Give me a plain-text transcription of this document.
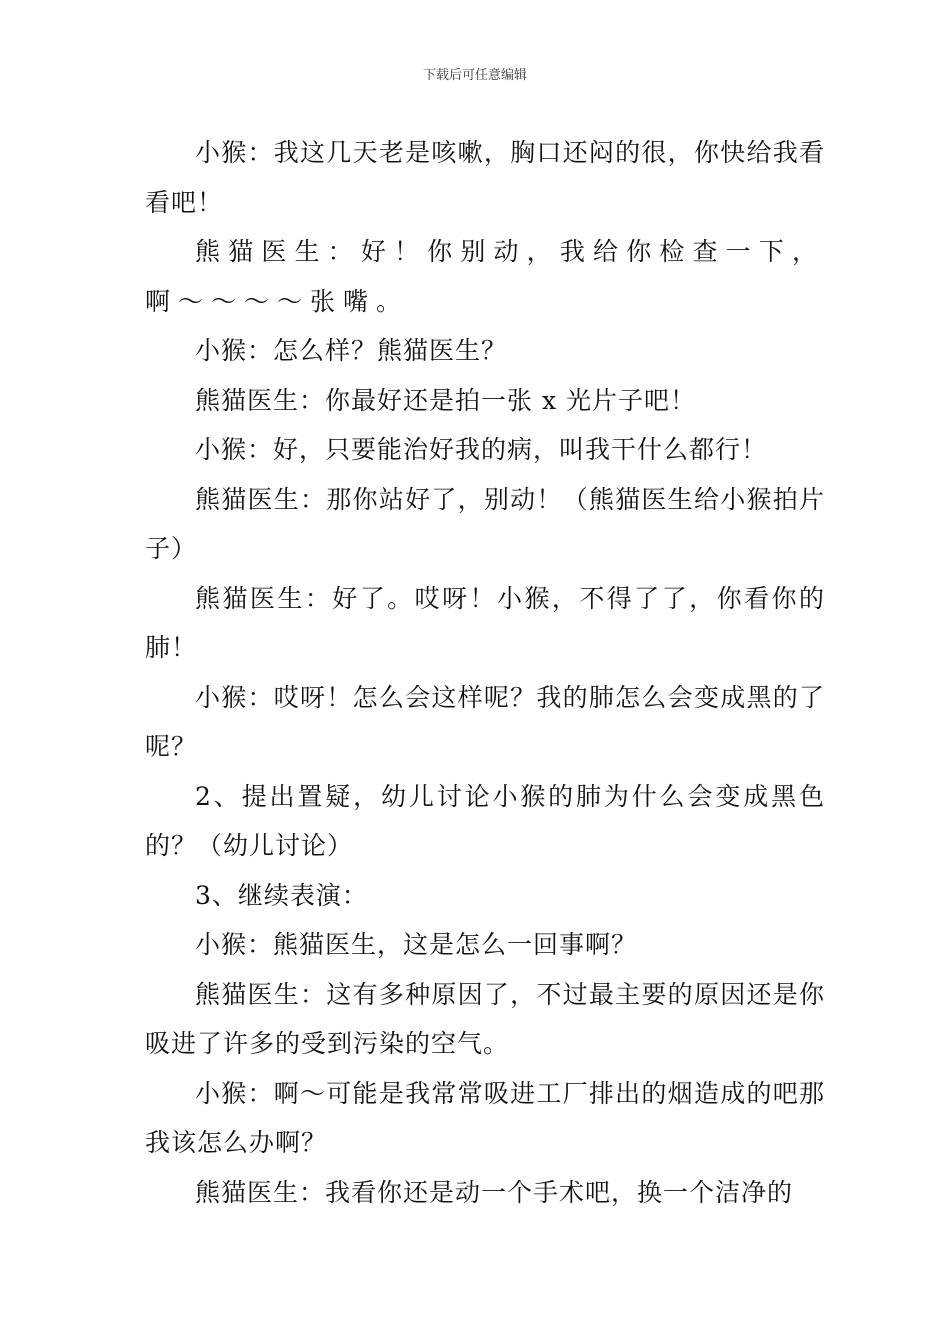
下载后可任意编辑

小猴：我这几天老是咳嗽，胸口还闷的很，你快给我看看吧！

熊猫医生：好！你别动，我给你检查一下，啊～～～～张嘴。

小猴：怎么样？熊猫医生？

熊猫医生：你最好还是拍一张 x 光片子吧！

小猴：好，只要能治好我的病，叫我干什么都行！

熊猫医生：那你站好了，别动！（熊猫医生给小猴拍片子）

熊猫医生：好了。哎呀！小猴，不得了了，你看你的肺！

小猴：哎呀！怎么会这样呢？我的肺怎么会变成黑的了呢？

2、提出置疑，幼儿讨论小猴的肺为什么会变成黑色的？（幼儿讨论）

3、继续表演：

小猴：熊猫医生，这是怎么一回事啊？

熊猫医生：这有多种原因了，不过最主要的原因还是你吸进了许多的受到污染的空气。

小猴：啊～可能是我常常吸进工厂排出的烟造成的吧那我该怎么办啊？

熊猫医生：我看你还是动一个手术吧，换一个洁净的
